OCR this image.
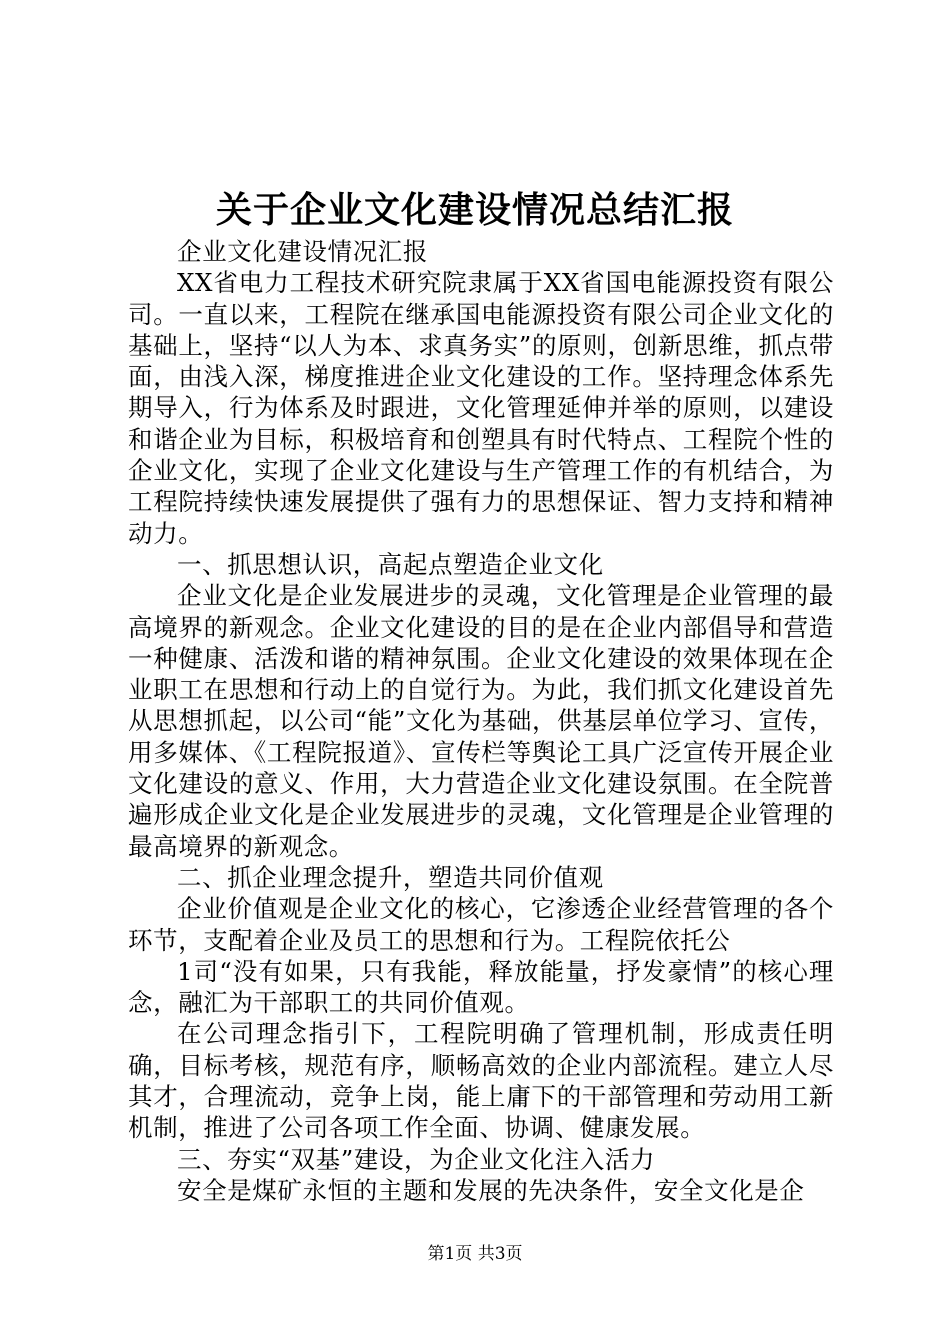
关于企业文化建设情况总结汇报

企业文化建设情况汇报

XX省电力工程技术研究院隶属于XX省国电能源投资有限公司。一直以来，工程院在继承国电能源投资有限公司企业文化的基础上，坚持“以人为本、求真务实”的原则，创新思维，抓点带面，由浅入深，梯度推进企业文化建设的工作。坚持理念体系先期导入，行为体系及时跟进，文化管理延伸并举的原则，以建设和谐企业为目标，积极培育和创塑具有时代特点、工程院个性的企业文化，实现了企业文化建设与生产管理工作的有机结合，为工程院持续快速发展提供了强有力的思想保证、智力支持和精神动力。

一、抓思想认识，高起点塑造企业文化

企业文化是企业发展进步的灵魂，文化管理是企业管理的最高境界的新观念。企业文化建设的目的是在企业内部倡导和营造一种健康、活泼和谐的精神氛围。企业文化建设的效果体现在企业职工在思想和行动上的自觉行为。为此，我们抓文化建设首先从思想抓起，以公司“能”文化为基础，供基层单位学习、宣传，用多媒体、《工程院报道》、宣传栏等舆论工具广泛宣传开展企业文化建设的意义、作用，大力营造企业文化建设氛围。在全院普遍形成企业文化是企业发展进步的灵魂，文化管理是企业管理的最高境界的新观念。

二、抓企业理念提升，塑造共同价值观

企业价值观是企业文化的核心，它渗透企业经营管理的各个环节，支配着企业及员工的思想和行为。工程院依托公

1司“没有如果，只有我能，释放能量，抒发豪情”的核心理念，融汇为干部职工的共同价值观。

在公司理念指引下，工程院明确了管理机制，形成责任明确，目标考核，规范有序，顺畅高效的企业内部流程。建立人尽其才，合理流动，竞争上岗，能上庸下的干部管理和劳动用工新机制，推进了公司各项工作全面、协调、健康发展。

三、夯实“双基”建设，为企业文化注入活力

安全是煤矿永恒的主题和发展的先决条件，安全文化是企

第1页 共3页
